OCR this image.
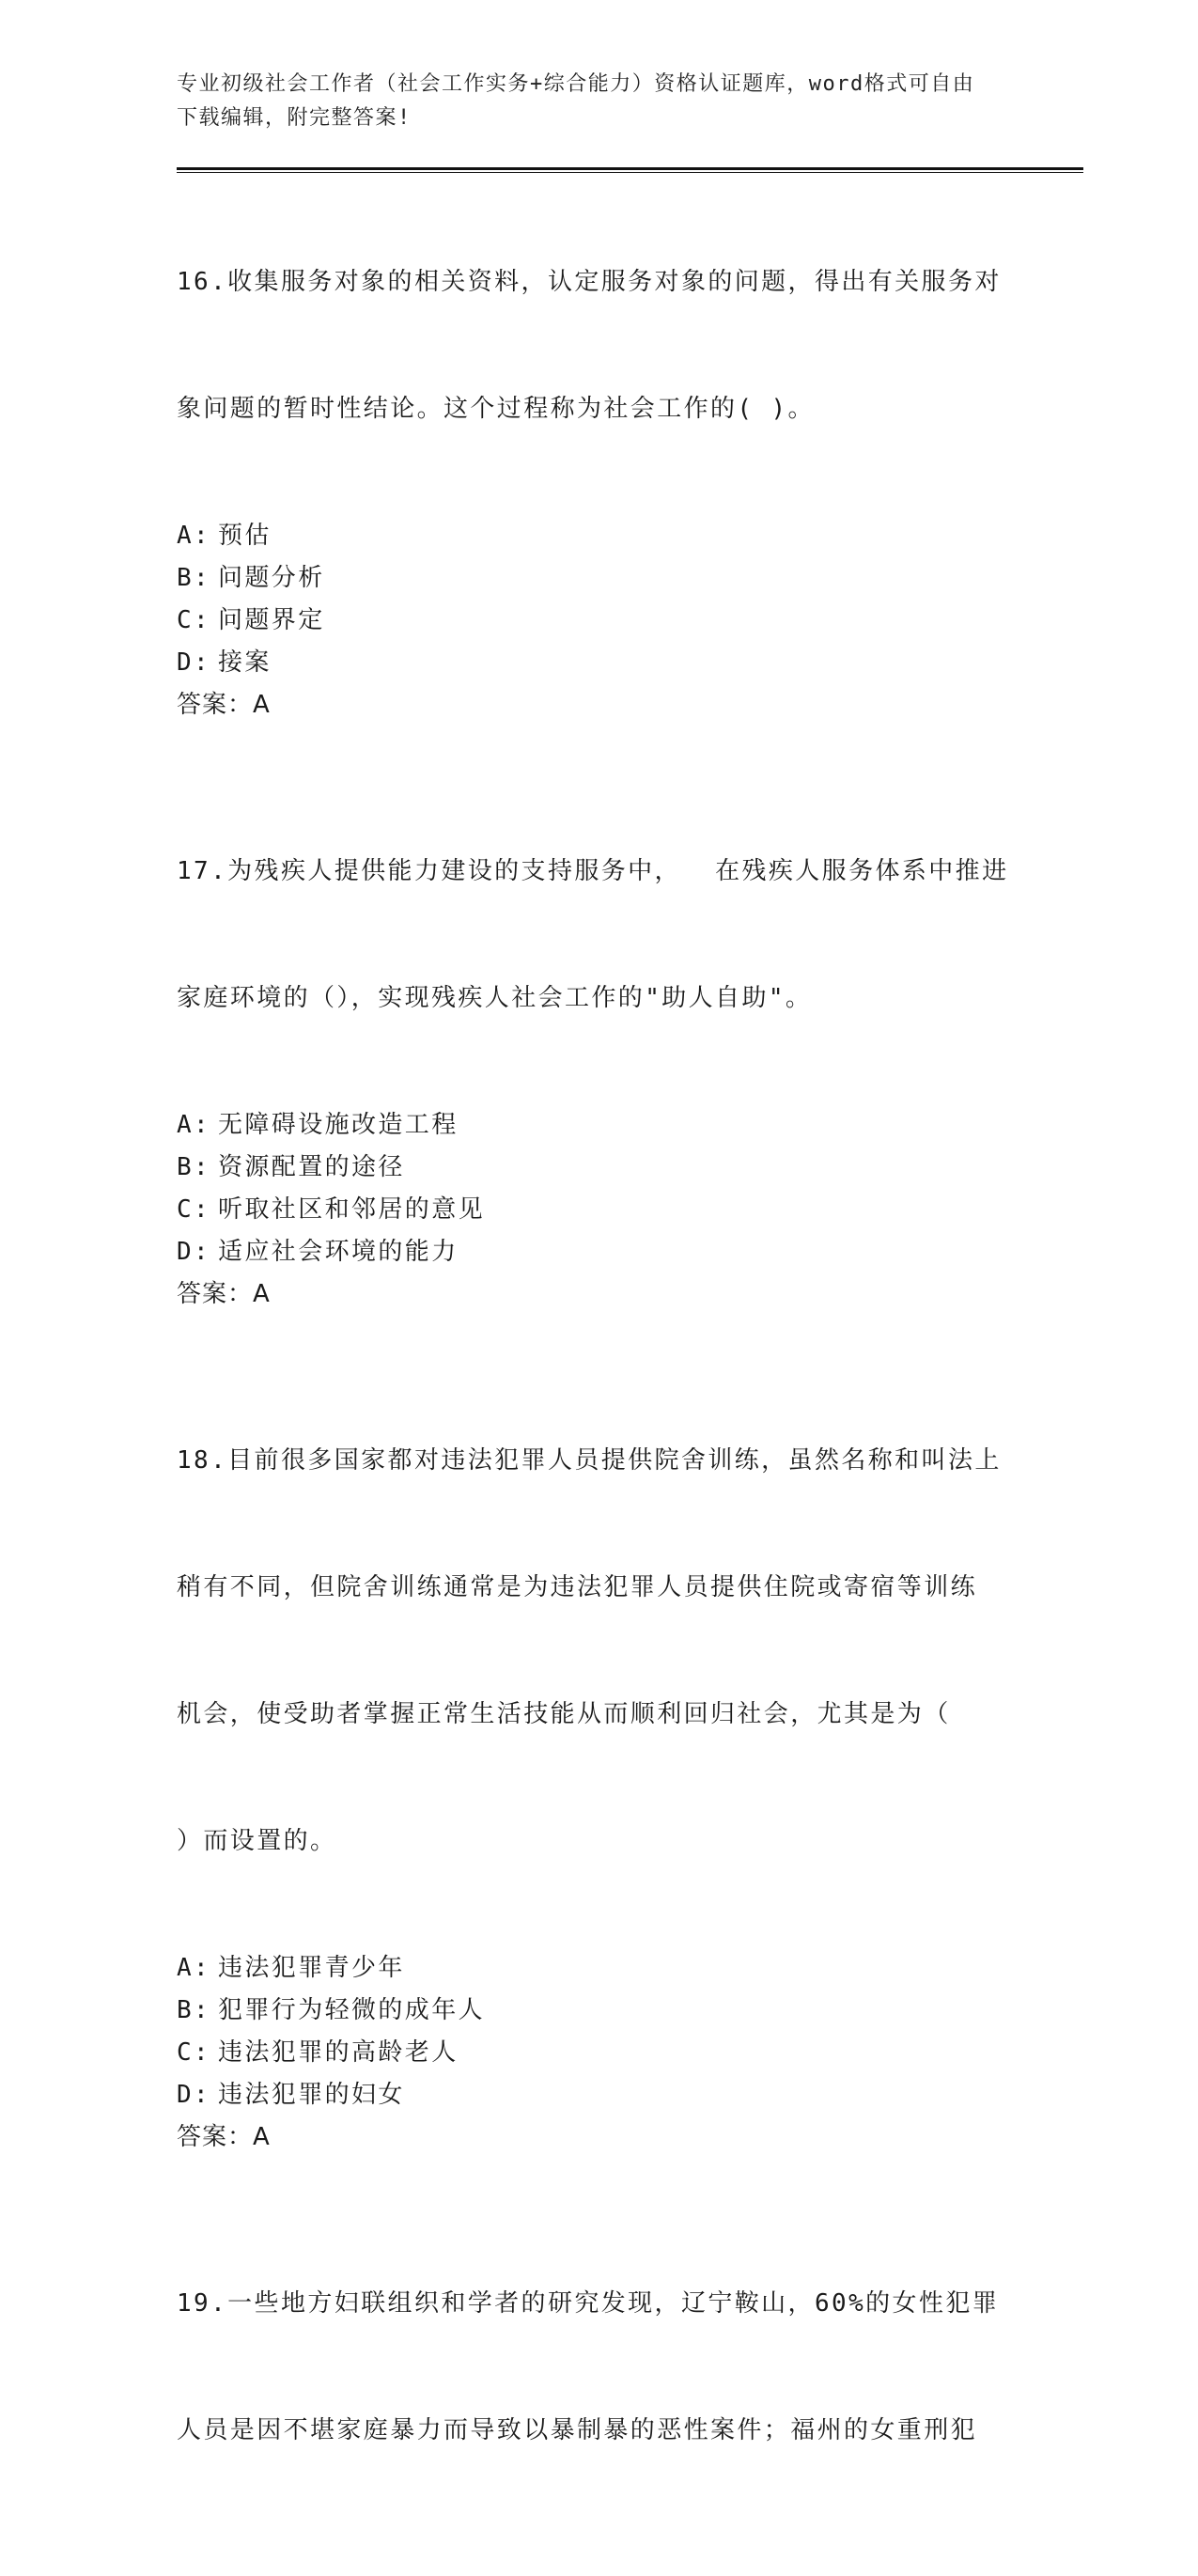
专业初级社会工作者（社会工作实务+综合能力）资格认证题库，word格式可自由
下载编辑，附完整答案!

16.收集服务对象的相关资料，认定服务对象的问题，得出有关服务对

象问题的暂时性结论。这个过程称为社会工作的( )。

A: 预估
B: 问题分析
C: 问题界定
D: 接案
答案：A

17.为残疾人提供能力建设的支持服务中，  在残疾人服务体系中推进

家庭环境的（），实现残疾人社会工作的"助人自助"。

A: 无障碍设施改造工程
B: 资源配置的途径
C: 听取社区和邻居的意见
D: 适应社会环境的能力
答案：A

18.目前很多国家都对违法犯罪人员提供院舍训练，虽然名称和叫法上

稍有不同，但院舍训练通常是为违法犯罪人员提供住院或寄宿等训练

机会，使受助者掌握正常生活技能从而顺利回归社会，尤其是为（

）而设置的。

A: 违法犯罪青少年
B: 犯罪行为轻微的成年人
C: 违法犯罪的高龄老人
D: 违法犯罪的妇女
答案：A

19.一些地方妇联组织和学者的研究发现，辽宁鞍山，60%的女性犯罪

人员是因不堪家庭暴力而导致以暴制暴的恶性案件；福州的女重刑犯
